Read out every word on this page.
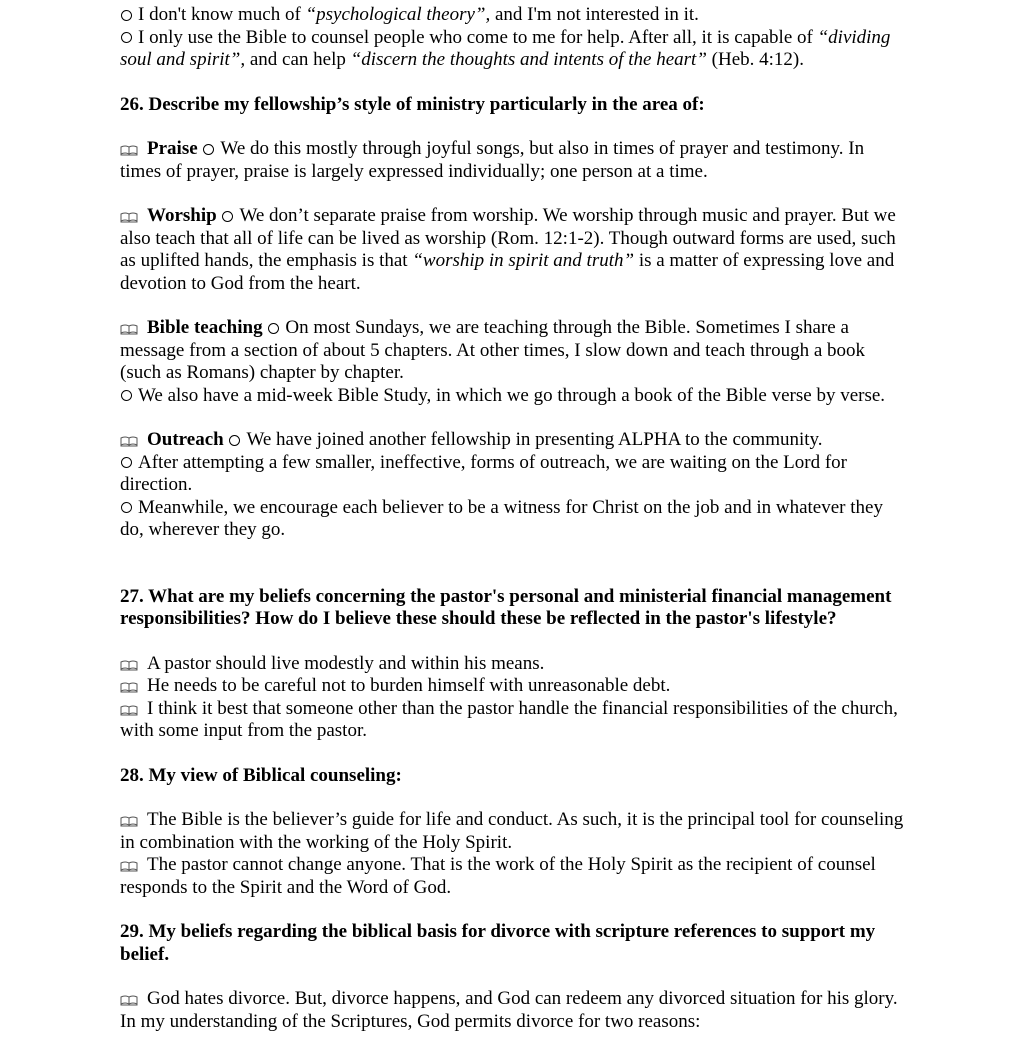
I don't know much of “psychological theory”, and I'm not interested in it.

I only use the Bible to counsel people who come to me for help. After all, it is capable of “dividing soul and spirit”, and can help “discern the thoughts and intents of the heart” (Heb. 4:12).

26. Describe my fellowship’s style of ministry particularly in the area of:

Praise We do this mostly through joyful songs, but also in times of prayer and testimony. In times of prayer, praise is largely expressed individually; one person at a time.

Worship We don’t separate praise from worship. We worship through music and prayer. But we also teach that all of life can be lived as worship (Rom. 12:1-2). Though outward forms are used, such as uplifted hands, the emphasis is that “worship in spirit and truth” is a matter of expressing love and devotion to God from the heart.

Bible teaching On most Sundays, we are teaching through the Bible. Sometimes I share a message from a section of about 5 chapters. At other times, I slow down and teach through a book (such as Romans) chapter by chapter.

We also have a mid-week Bible Study, in which we go through a book of the Bible verse by verse.

Outreach We have joined another fellowship in presenting ALPHA to the community.

After attempting a few smaller, ineffective, forms of outreach, we are waiting on the Lord for direction.

Meanwhile, we encourage each believer to be a witness for Christ on the job and in whatever they do, wherever they go.

27. What are my beliefs concerning the pastor's personal and ministerial financial management responsibilities? How do I believe these should these be reflected in the pastor's lifestyle?

A pastor should live modestly and within his means.

He needs to be careful not to burden himself with unreasonable debt.

I think it best that someone other than the pastor handle the financial responsibilities of the church, with some input from the pastor.

28. My view of Biblical counseling:

The Bible is the believer’s guide for life and conduct. As such, it is the principal tool for counseling in combination with the working of the Holy Spirit.

The pastor cannot change anyone. That is the work of the Holy Spirit as the recipient of counsel responds to the Spirit and the Word of God.

29. My beliefs regarding the biblical basis for divorce with scripture references to support my belief.

God hates divorce. But, divorce happens, and God can redeem any divorced situation for his glory. In my understanding of the Scriptures, God permits divorce for two reasons:
